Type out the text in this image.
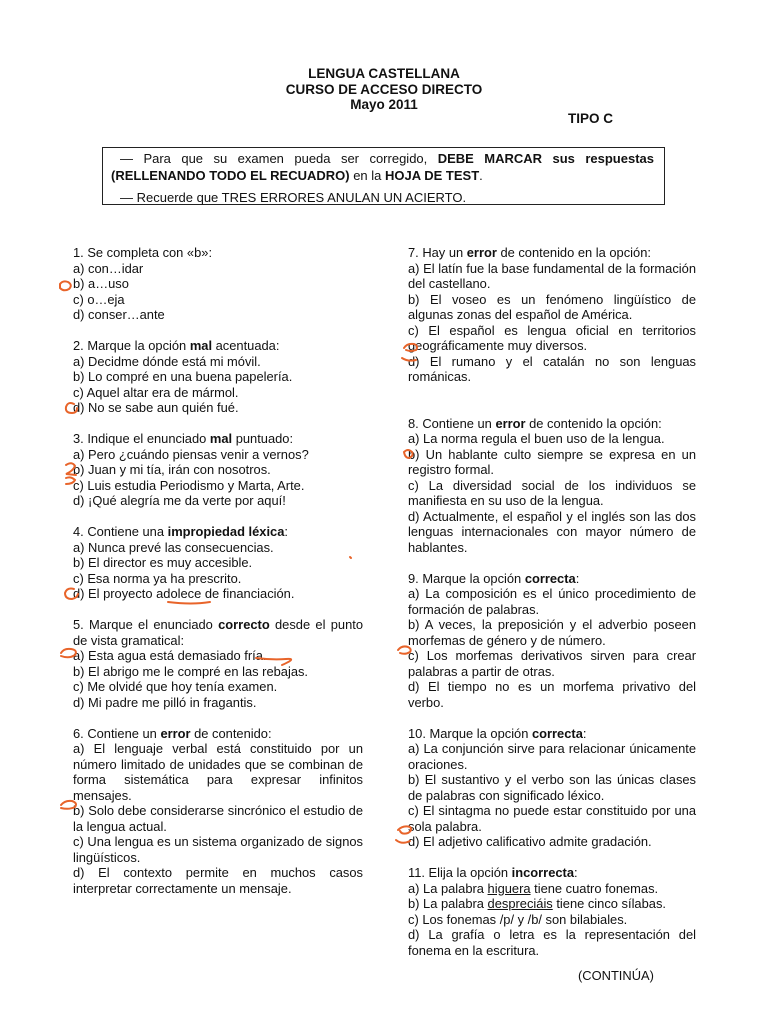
LENGUA CASTELLANA
CURSO DE ACCESO DIRECTO
Mayo 2011
TIPO C

— Para que su examen pueda ser corregido, DEBE MARCAR sus respuestas (RELLENANDO TODO EL RECUADRO) en la HOJA DE TEST.

— Recuerde que TRES ERRORES ANULAN UN ACIERTO.

1. Se completa con «b»:

a) con…idar

b) a…uso

c) o…eja

d) conser…ante

2. Marque la opción mal acentuada:

a) Decidme dónde está mi móvil.

b) Lo compré en una buena papelería.

c) Aquel altar era de mármol.

d) No se sabe aun quién fué.

3. Indique el enunciado mal puntuado:

a) Pero ¿cuándo piensas venir a vernos?

b) Juan y mi tía, irán con nosotros.

c) Luis estudia Periodismo y Marta, Arte.

d) ¡Qué alegría me da verte por aquí!

4. Contiene una impropiedad léxica:

a) Nunca prevé las consecuencias.

b) El director es muy accesible.

c) Esa norma ya ha prescrito.

d) El proyecto adolece de financiación.

5. Marque el enunciado correcto desde el punto de vista gramatical:

a) Esta agua está demasiado fría.

b) El abrigo me le compré en las rebajas.

c) Me olvidé que hoy tenía examen.

d) Mi padre me pilló in fragantis.

6. Contiene un error de contenido:

a) El lenguaje verbal está constituido por un número limitado de unidades que se combinan de forma sistemática para expresar infinitos mensajes.

b) Solo debe considerarse sincrónico el estudio de la lengua actual.

c) Una lengua es un sistema organizado de signos lingüísticos.

d) El contexto permite en muchos casos interpretar correctamente un mensaje.

7. Hay un error de contenido en la opción:

a) El latín fue la base fundamental de la formación del castellano.

b) El voseo es un fenómeno lingüístico de algunas zonas del español de América.

c) El español es lengua oficial en territorios geográficamente muy diversos.

d) El rumano y el catalán no son lenguas románicas.

8. Contiene un error de contenido la opción:

a) La norma regula el buen uso de la lengua.

b) Un hablante culto siempre se expresa en un registro formal.

c) La diversidad social de los individuos se manifiesta en su uso de la lengua.

d) Actualmente, el español y el inglés son las dos lenguas internacionales con mayor número de hablantes.

9. Marque la opción correcta:

a) La composición es el único procedimiento de formación de palabras.

b) A veces, la preposición y el adverbio poseen morfemas de género y de número.

c) Los morfemas derivativos sirven para crear palabras a partir de otras.

d) El tiempo no es un morfema privativo del verbo.

10. Marque la opción correcta:

a) La conjunción sirve para relacionar únicamente oraciones.

b) El sustantivo y el verbo son las únicas clases de palabras con significado léxico.

c) El sintagma no puede estar constituido por una sola palabra.

d) El adjetivo calificativo admite gradación.

11. Elija la opción incorrecta:

a) La palabra higuera tiene cuatro fonemas.

b) La palabra despreciáis tiene cinco sílabas.

c) Los fonemas /p/ y /b/ son bilabiales.

d) La grafía o letra es la representación del fonema en la escritura.

(CONTINÚA)
